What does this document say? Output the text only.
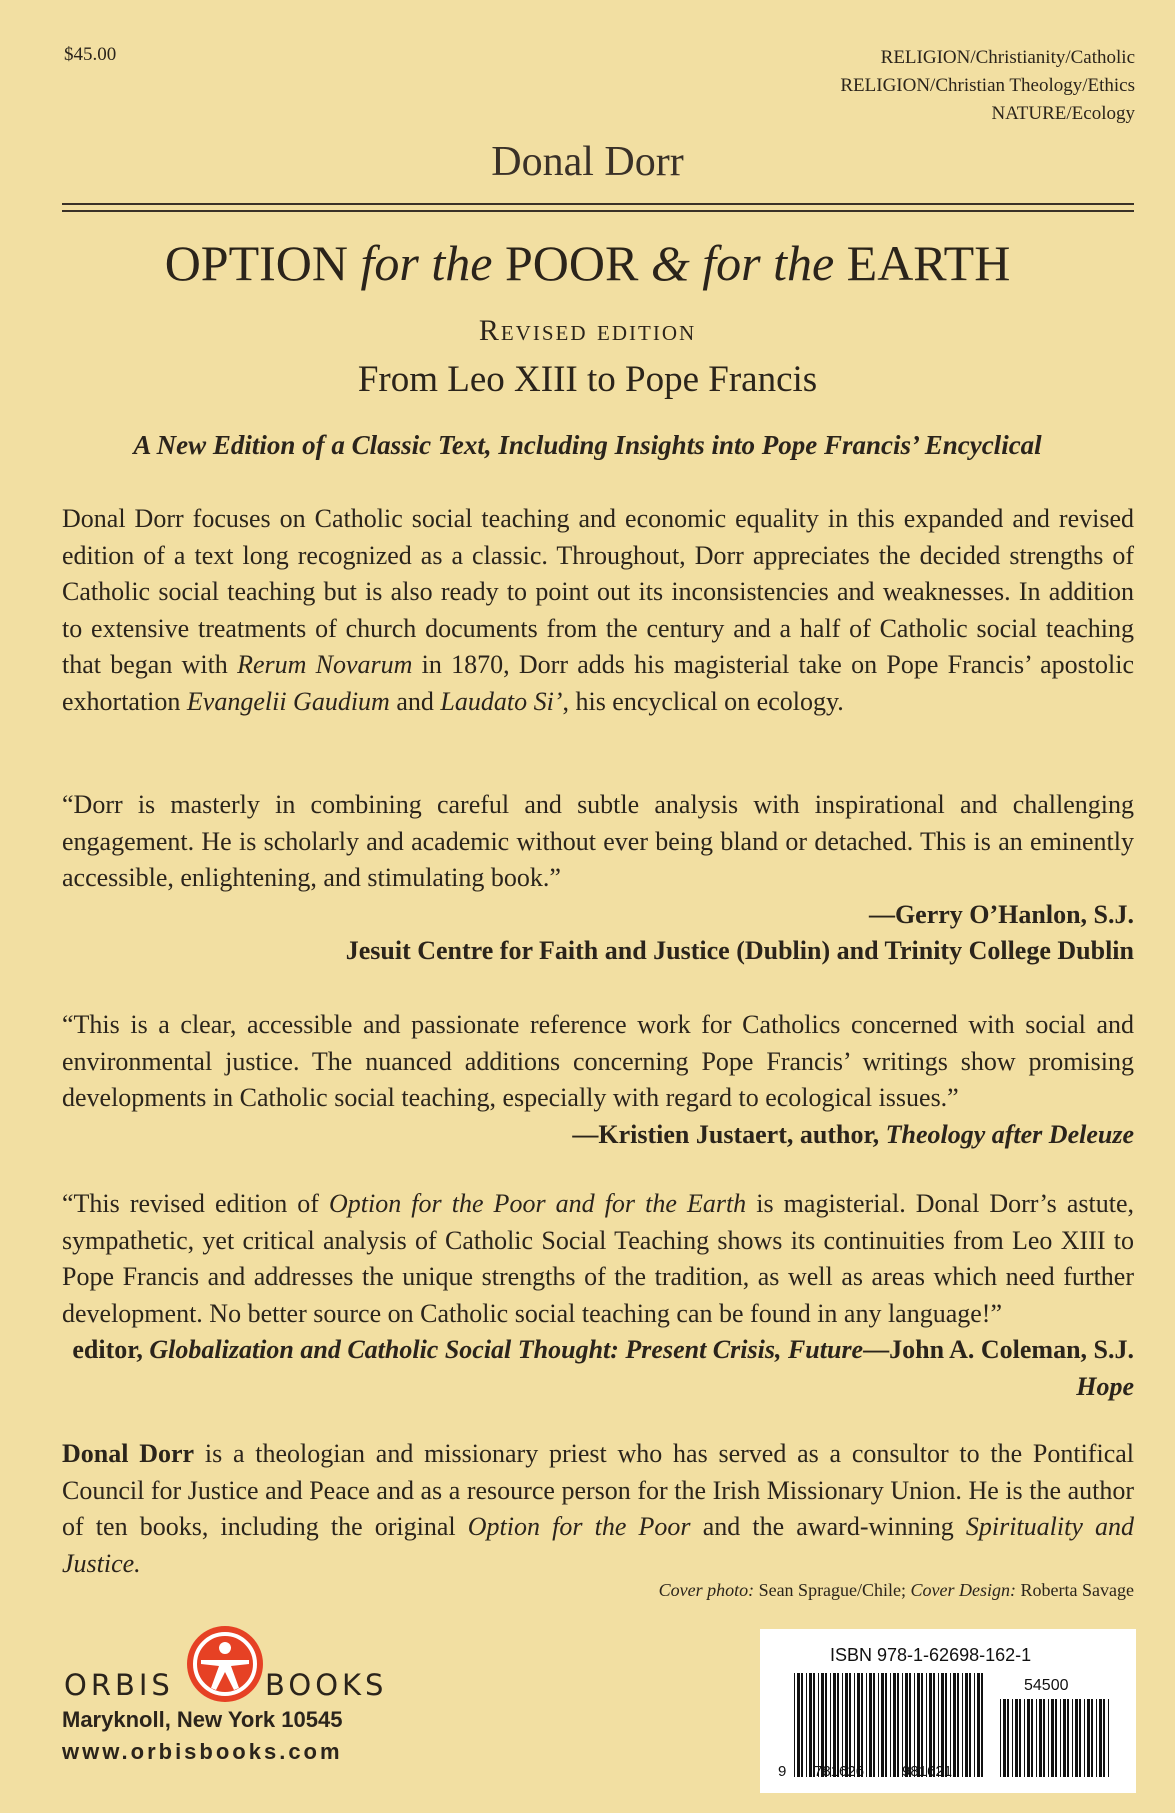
$45.00	RELIGION/Christianity/Catholic
RELIGION/Christian Theology/Ethics
NATURE/Ecology
Donal Dorr
OPTION for the POOR & for the EARTH
Revised edition
From Leo XIII to Pope Francis
A New Edition of a Classic Text, Including Insights into Pope Francis’ Encyclical
Donal Dorr focuses on Catholic social teaching and economic equality in this expanded and revised edition of a text long recognized as a classic. Throughout, Dorr appreciates the decided strengths of Catholic social teaching but is also ready to point out its inconsistencies and weaknesses. In addition to extensive treatments of church documents from the century and a half of Catholic social teaching that began with Rerum Novarum in 1870, Dorr adds his magisterial take on Pope Francis’ apostolic exhortation Evangelii Gaudium and Laudato Si’, his encyclical on ecology.
“Dorr is masterly in combining careful and subtle analysis with inspirational and challenging engagement. He is scholarly and academic without ever being bland or detached. This is an eminently accessible, enlightening, and stimulating book.”
—Gerry O’Hanlon, S.J.
Jesuit Centre for Faith and Justice (Dublin) and Trinity College Dublin
“This is a clear, accessible and passionate reference work for Catholics concerned with social and environmental justice. The nuanced additions concerning Pope Francis’ writings show promising developments in Catholic social teaching, especially with regard to ecological issues.”
—Kristien Justaert, author, Theology after Deleuze
“This revised edition of Option for the Poor and for the Earth is magisterial. Donal Dorr’s astute, sympathetic, yet critical analysis of Catholic Social Teaching shows its continuities from Leo XIII to Pope Francis and addresses the unique strengths of the tradition, as well as areas which need further development. No better source on Catholic social teaching can be found in any language!”
—John A. Coleman, S.J.
editor, Globalization and Catholic Social Thought: Present Crisis, Future Hope
Donal Dorr is a theologian and missionary priest who has served as a consultor to the Pontifical Council for Justice and Peace and as a resource person for the Irish Missionary Union. He is the author of ten books, including the original Option for the Poor and the award-winning Spirituality and Justice.
Cover photo: Sean Sprague/Chile; Cover Design: Roberta Savage
ORBIS	BOOKS
Maryknoll, New York 10545
www.orbisbooks.com
ISBN 978-1-62698-162-1
54500
9 781626	981621
